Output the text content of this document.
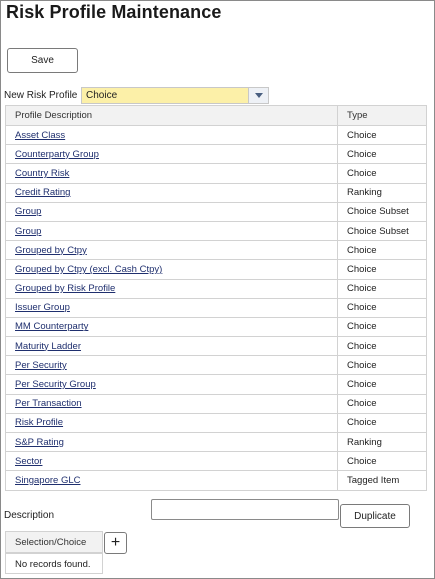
Risk Profile Maintenance
Save
New Risk Profile Choice
Profile Description	Type
Asset Class	Choice
Counterparty Group	Choice
Country Risk	Choice
Credit Rating	Ranking
Group	Choice Subset
Group	Choice Subset
Grouped by Ctpy	Choice
Grouped by Ctpy (excl. Cash Ctpy)	Choice
Grouped by Risk Profile	Choice
Issuer Group	Choice
MM Counterparty	Choice
Maturity Ladder	Choice
Per Security	Choice
Per Security Group	Choice
Per Transaction	Choice
Risk Profile	Choice
S&P Rating	Ranking
Sector	Choice
Singapore GLC	Tagged Item
Description	Duplicate
Selection/Choice	+
No records found.
